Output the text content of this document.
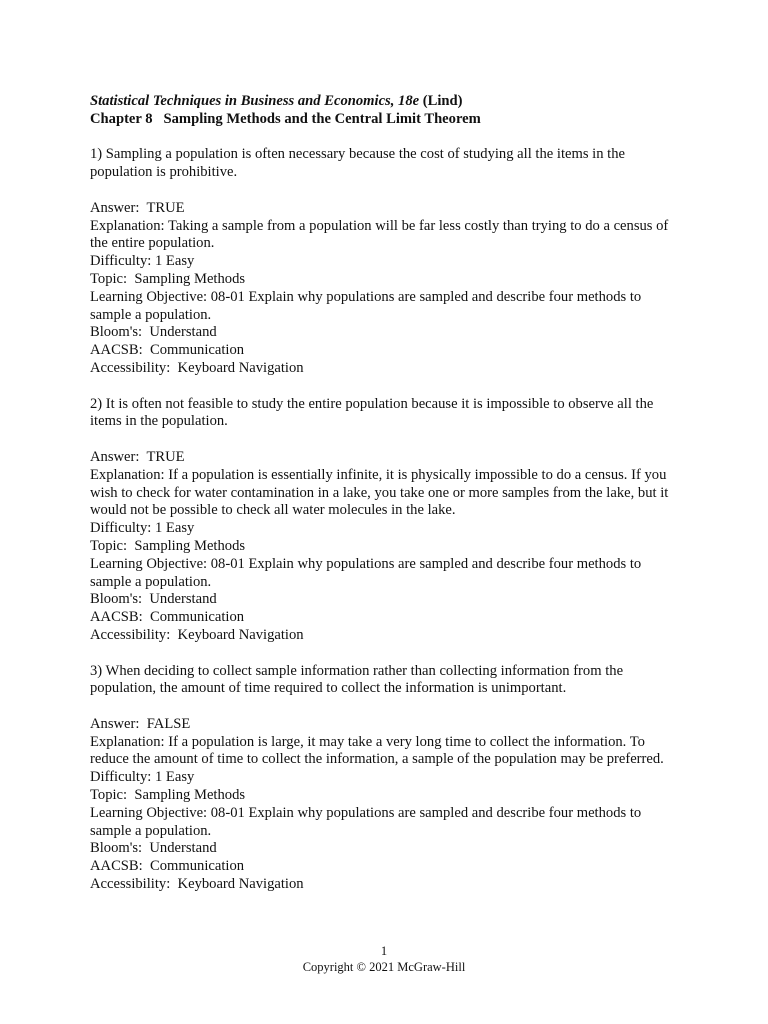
Statistical Techniques in Business and Economics, 18e (Lind)
Chapter 8   Sampling Methods and the Central Limit Theorem
1) Sampling a population is often necessary because the cost of studying all the items in the population is prohibitive.
Answer:  TRUE
Explanation: Taking a sample from a population will be far less costly than trying to do a census of the entire population.
Difficulty: 1 Easy
Topic:  Sampling Methods
Learning Objective: 08-01 Explain why populations are sampled and describe four methods to sample a population.
Bloom's:  Understand
AACSB:  Communication
Accessibility:  Keyboard Navigation
2) It is often not feasible to study the entire population because it is impossible to observe all the items in the population.
Answer:  TRUE
Explanation: If a population is essentially infinite, it is physically impossible to do a census. If you wish to check for water contamination in a lake, you take one or more samples from the lake, but it would not be possible to check all water molecules in the lake.
Difficulty: 1 Easy
Topic:  Sampling Methods
Learning Objective: 08-01 Explain why populations are sampled and describe four methods to sample a population.
Bloom's:  Understand
AACSB:  Communication
Accessibility:  Keyboard Navigation
3) When deciding to collect sample information rather than collecting information from the population, the amount of time required to collect the information is unimportant.
Answer:  FALSE
Explanation: If a population is large, it may take a very long time to collect the information. To reduce the amount of time to collect the information, a sample of the population may be preferred.
Difficulty: 1 Easy
Topic:  Sampling Methods
Learning Objective: 08-01 Explain why populations are sampled and describe four methods to sample a population.
Bloom's:  Understand
AACSB:  Communication
Accessibility:  Keyboard Navigation
1
Copyright © 2021 McGraw-Hill
